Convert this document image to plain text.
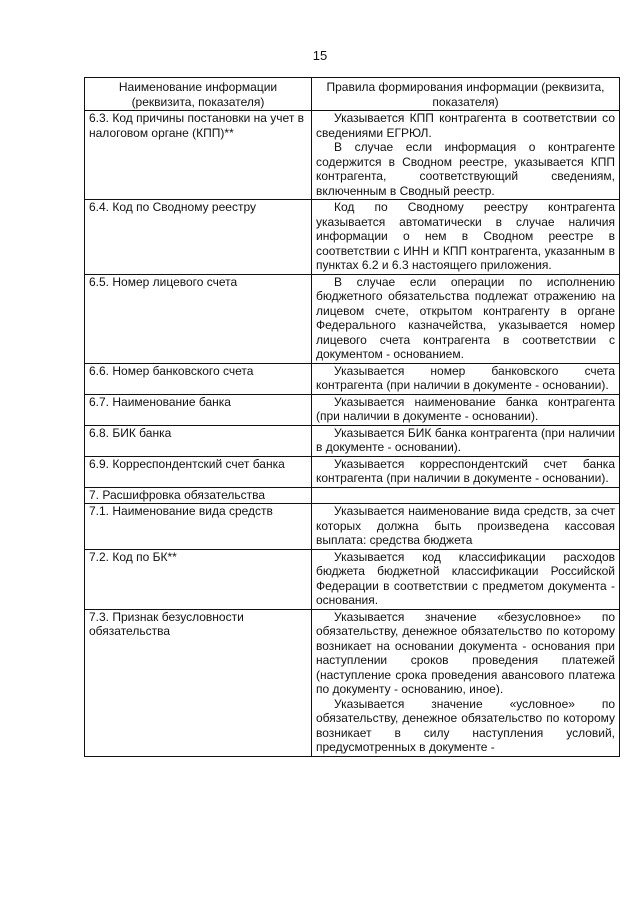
15
Наименование информации (реквизита, показателя)	Правила формирования информации (реквизита, показателя)
6.3. Код причины постановки на учет в налоговом органе (КПП)**	Указывается КПП контрагента в соответствии со сведениями ЕГРЮЛ.

В случае если информация о контрагенте содержится в Сводном реестре, указывается КПП контрагента, соответствующий сведениям, включенным в Сводный реестр.

6.4. Код по Сводному реестру	Код по Сводному реестру контрагента указывается автоматически в случае наличия информации о нем в Сводном реестре в соответствии с ИНН и КПП контрагента, указанным в пунктах 6.2 и 6.3 настоящего приложения.

6.5. Номер лицевого счета	В случае если операции по исполнению бюджетного обязательства подлежат отражению на лицевом счете, открытом контрагенту в органе Федерального казначейства, указывается номер лицевого счета контрагента в соответствии с документом - основанием.

6.6. Номер банковского счета	Указывается номер банковского счета контрагента (при наличии в документе - основании).

6.7. Наименование банка	Указывается наименование банка контрагента (при наличии в документе - основании).

6.8. БИК банка	Указывается БИК банка контрагента (при наличии в документе - основании).

6.9. Корреспондентский счет банка	Указывается корреспондентский счет банка контрагента (при наличии в документе - основании).

7. Расшифровка обязательства	
7.1. Наименование вида средств	Указывается наименование вида средств, за счет которых должна быть произведена кассовая выплата: средства бюджета

7.2. Код по БК**	Указывается код классификации расходов бюджета бюджетной классификации Российской Федерации в соответствии с предметом документа - основания.

7.3. Признак безусловности обязательства	Указывается значение «безусловное» по обязательству, денежное обязательство по которому возникает на основании документа - основания при наступлении сроков проведения платежей (наступление срока проведения авансового платежа по документу - основанию, иное).

Указывается значение «условное» по обязательству, денежное обязательство по которому возникает в силу наступления условий, предусмотренных в документе -
